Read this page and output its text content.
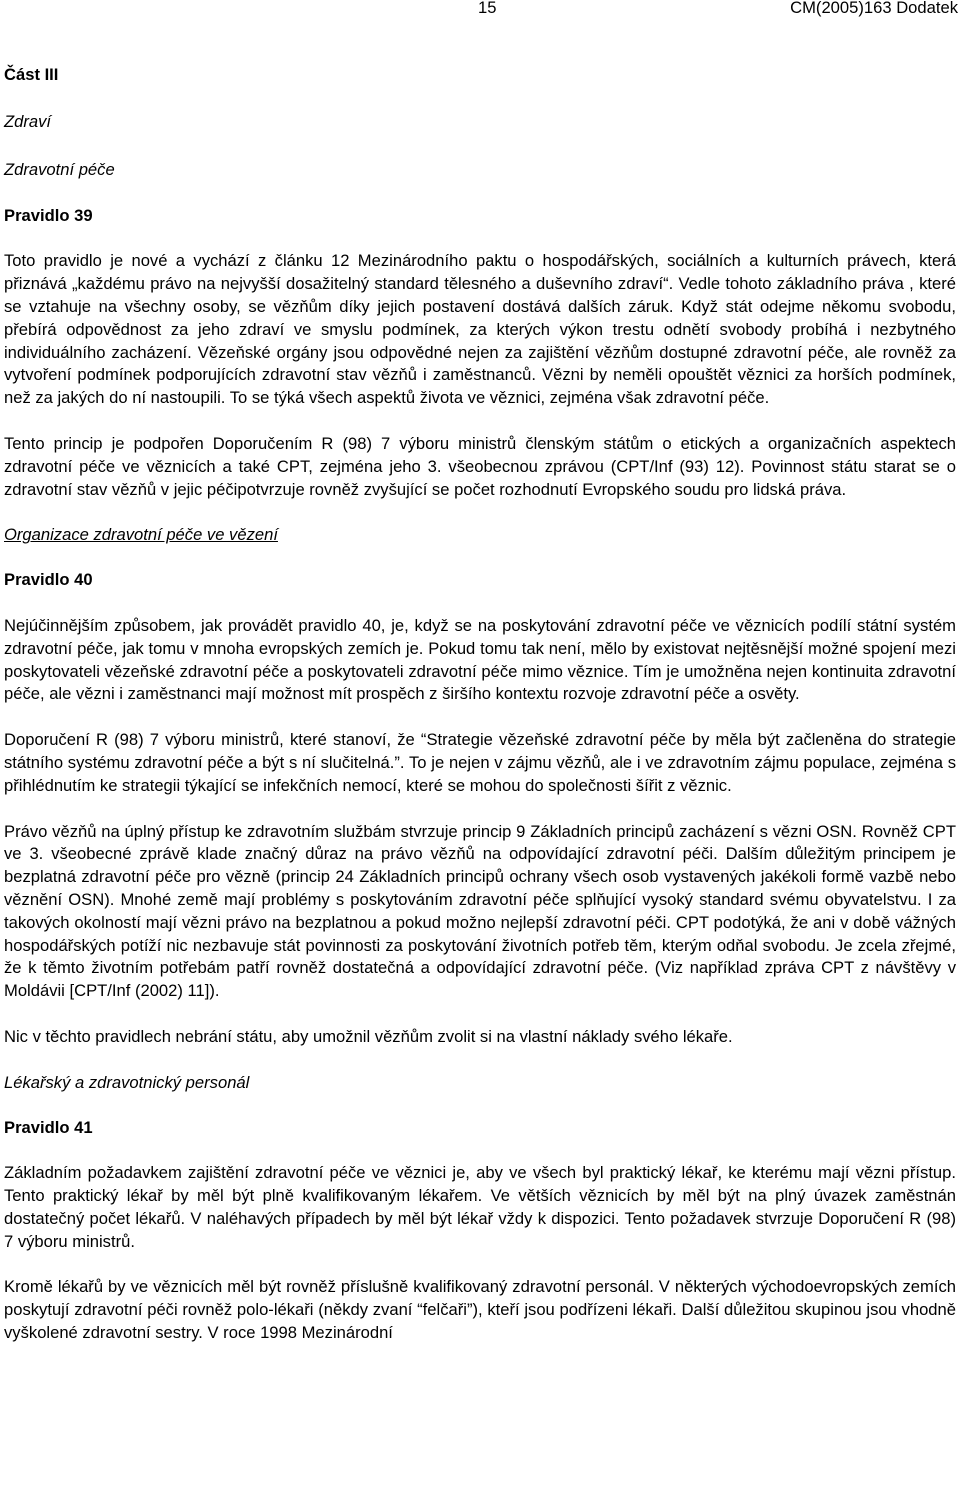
15	CM(2005)163 Dodatek
Část III
Zdraví
Zdravotní péče
Pravidlo 39

Toto pravidlo je nové a vychází z článku 12 Mezinárodního paktu o hospodářských, sociálních a kulturních právech, která přiznává „každému právo na nejvyšší dosažitelný standard tělesného a duševního zdraví“. Vedle tohoto základního práva , které se vztahuje na všechny osoby, se vězňům díky jejich postavení dostává dalších záruk. Když stát odejme někomu svobodu, přebírá odpovědnost za jeho zdraví ve smyslu podmínek, za kterých výkon trestu odnětí svobody probíhá i nezbytného individuálního zacházení. Vězeňské orgány jsou odpovědné nejen za zajištění vězňům dostupné zdravotní péče, ale rovněž za vytvoření podmínek podporujících zdravotní stav vězňů i zaměstnanců. Vězni by neměli opouštět věznici za horších podmínek, než za jakých do ní nastoupili. To se týká všech aspektů života ve věznici, zejména však zdravotní péče.

Tento princip je podpořen Doporučením R (98) 7 výboru ministrů členským státům o etických a organizačních aspektech zdravotní péče ve věznicích a také CPT, zejména jeho 3. všeobecnou zprávou (CPT/Inf (93) 12). Povinnost státu starat se o zdravotní stav vězňů v jejic péčipotvrzuje rovněž zvyšující se počet rozhodnutí Evropského soudu pro lidská práva.

Organizace zdravotní péče ve vězení
Pravidlo 40

Nejúčinnějším způsobem, jak provádět pravidlo 40, je, když se na poskytování zdravotní péče ve věznicích podílí státní systém zdravotní péče, jak tomu v mnoha evropských zemích je. Pokud tomu tak není, mělo by existovat nejtěsnější možné spojení mezi poskytovateli vězeňské zdravotní péče a poskytovateli zdravotní péče mimo věznice. Tím je umožněna nejen kontinuita zdravotní péče, ale vězni i zaměstnanci mají možnost mít prospěch z širšího kontextu rozvoje zdravotní péče a osvěty.

Doporučení R (98) 7 výboru ministrů, které stanoví, že “Strategie vězeňské zdravotní péče by měla být začleněna do strategie státního systému zdravotní péče a být s ní slučitelná.”. To je nejen v zájmu vězňů, ale i ve zdravotním zájmu populace, zejména s přihlédnutím ke strategii týkající se infekčních nemocí, které se mohou do společnosti šířit z věznic.

Právo vězňů na úplný přístup ke zdravotním službám stvrzuje princip 9 Základních principů zacházení s vězni OSN. Rovněž CPT ve 3. všeobecné zprávě klade značný důraz na právo vězňů na odpovídající zdravotní péči. Dalším důležitým principem je bezplatná zdravotní péče pro vězně (princip 24 Základních principů ochrany všech osob vystavených jakékoli formě vazbě nebo věznění OSN). Mnohé země mají problémy s poskytováním zdravotní péče splňující vysoký standard svému obyvatelstvu. I za takových okolností mají vězni právo na bezplatnou a pokud možno nejlepší zdravotní péči. CPT podotýká, že ani v době vážných hospodářských potíží nic nezbavuje stát povinnosti za poskytování životních potřeb těm, kterým odňal svobodu. Je zcela zřejmé, že k těmto životním potřebám patří rovněž dostatečná a odpovídající zdravotní péče. (Viz například zpráva CPT z návštěvy v Moldávii [CPT/Inf (2002) 11]).

Nic v těchto pravidlech nebrání státu, aby umožnil vězňům zvolit si na vlastní náklady svého lékaře.

Lékařský a zdravotnický personál
Pravidlo 41

Základním požadavkem zajištění zdravotní péče ve věznici je, aby ve všech byl praktický lékař, ke kterému mají vězni přístup. Tento praktický lékař by měl být plně kvalifikovaným lékařem. Ve větších věznicích by měl být na plný úvazek zaměstnán dostatečný počet lékařů. V naléhavých případech by měl být lékař vždy k dispozici. Tento požadavek stvrzuje Doporučení R (98) 7 výboru ministrů.

Kromě lékařů by ve věznicích měl být rovněž příslušně kvalifikovaný zdravotní personál. V některých východoevropských zemích poskytují zdravotní péči rovněž polo-lékaři (někdy zvaní “felčaři”), kteří jsou podřízeni lékaři. Další důležitou skupinou jsou vhodně vyškolené zdravotní sestry. V roce 1998 Mezinárodní
